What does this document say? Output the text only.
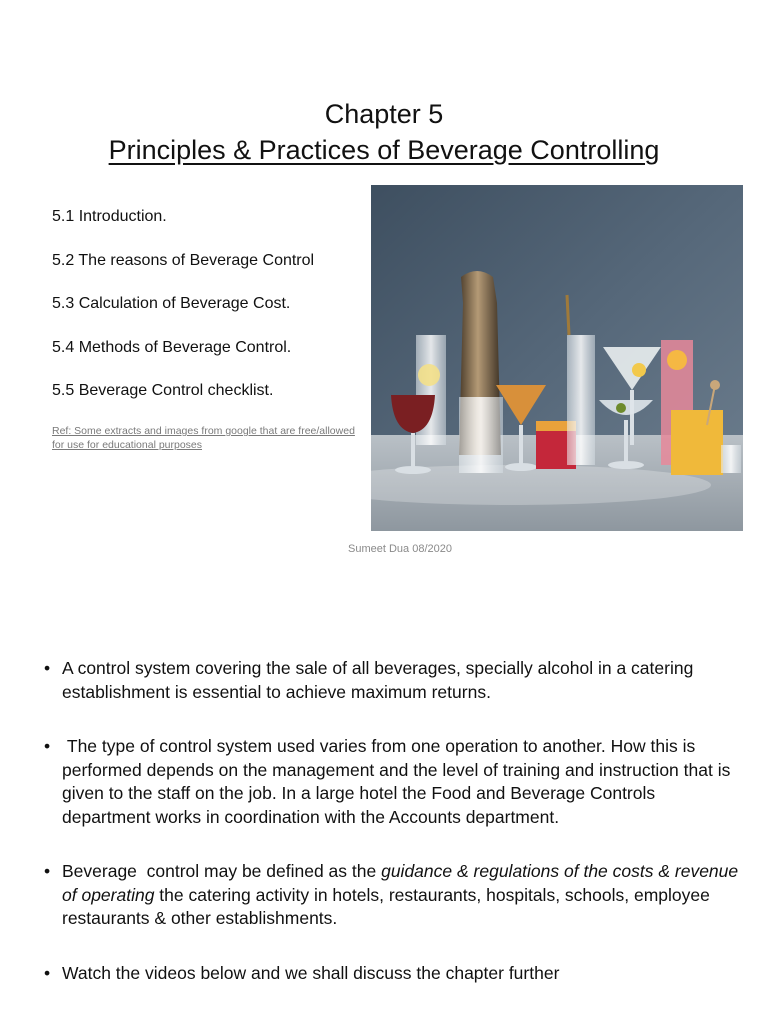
Chapter 5
Principles & Practices of Beverage Controlling
5.1 Introduction.
5.2 The reasons of Beverage Control
5.3 Calculation of Beverage Cost.
5.4 Methods of Beverage Control.
5.5 Beverage Control checklist.
Ref: Some extracts and images from google that are free/allowed for use for educational purposes
Sumeet Dua 08/2020
• A control system covering the sale of all beverages, specially alcohol in a catering establishment is essential to achieve maximum returns.
• The type of control system used varies from one operation to another. How this is performed depends on the management and the level of training and instruction that is given to the staff on the job. In a large hotel the Food and Beverage Controls department works in coordination with the Accounts department.
• Beverage  control may be defined as the guidance & regulations of the costs & revenue of operating the catering activity in hotels, restaurants, hospitals, schools, employee restaurants & other establishments.
• Watch the videos below and we shall discuss the chapter further
